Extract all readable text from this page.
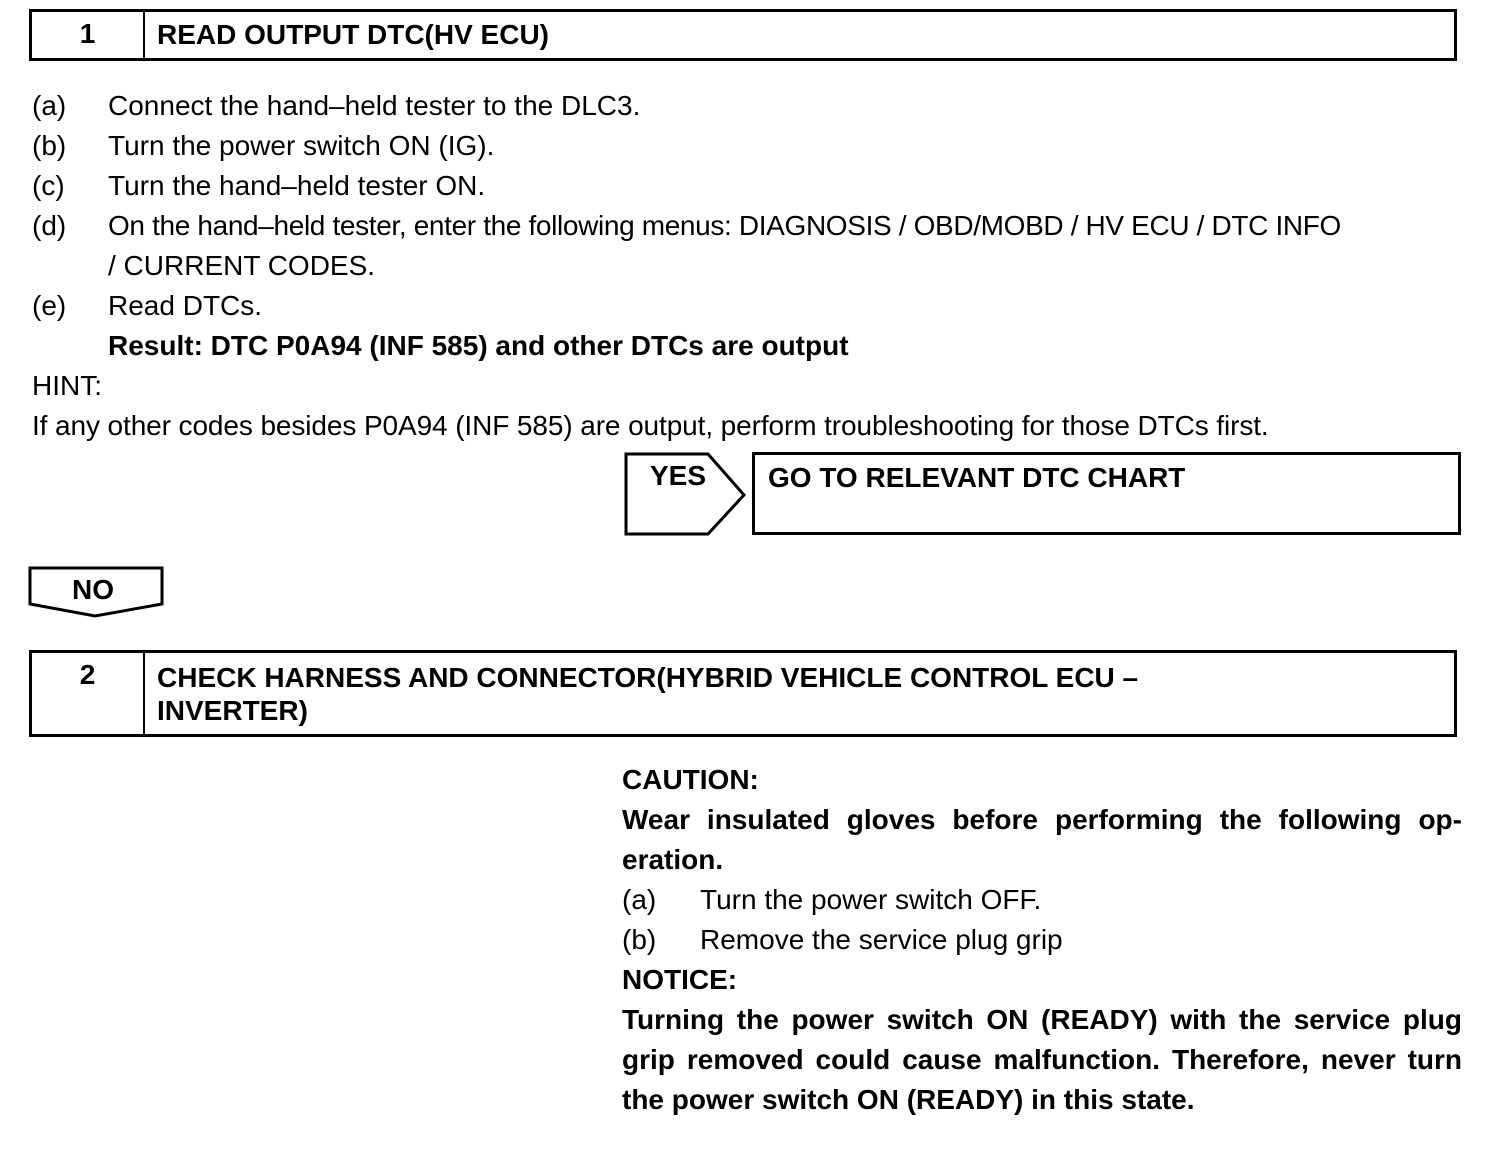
1	READ OUTPUT DTC(HV ECU)
(a) Connect the hand–held tester to the DLC3.
(b) Turn the power switch ON (IG).
(c) Turn the hand–held tester ON.
(d) On the hand–held tester, enter the following menus: DIAGNOSIS / OBD/MOBD / HV ECU / DTC INFO
/ CURRENT CODES.
(e) Read DTCs.
Result: DTC P0A94 (INF 585) and other DTCs are output
HINT:
If any other codes besides P0A94 (INF 585) are output, perform troubleshooting for those DTCs first.
YES	GO TO RELEVANT DTC CHART
NO
2	CHECK HARNESS AND CONNECTOR(HYBRID VEHICLE CONTROL ECU –
INVERTER)
CAUTION:
Wear insulated gloves before performing the following op- eration.
(a) Turn the power switch OFF.
(b) Remove the service plug grip
NOTICE:
Turning the power switch ON (READY) with the service plug grip removed could cause malfunction. Therefore, never turn the power switch ON (READY) in this state.
